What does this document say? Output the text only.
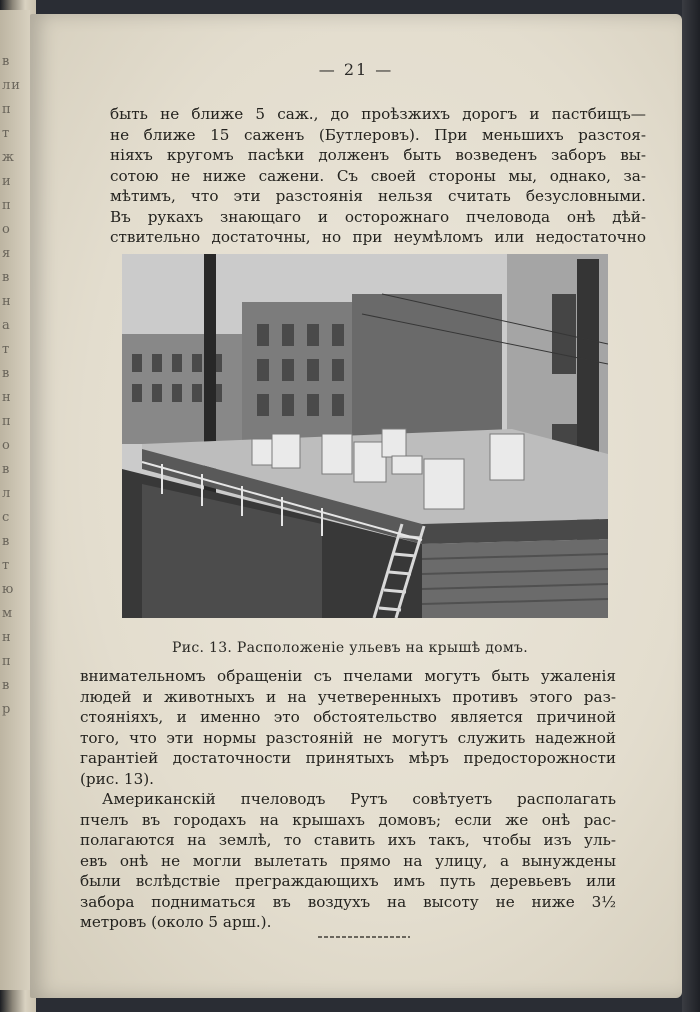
в
ли
п
т
ж
и
п
о
я
в
н
а
т
в
н
п
о
в
л
с
в
т
ю
м
н
п
в
р
— 21 —
быть не ближе 5 саж., до проѣзжихъ дорогъ и пастбищъ—
не ближе 15 саженъ (Бутлеровъ). При меньшихъ разстоя-
ніяхъ кругомъ пасѣки долженъ быть возведенъ заборъ вы-
сотою не ниже сажени. Съ своей стороны мы, однако, за-
мѣтимъ, что эти разстоянія нельзя считать безусловными.
Въ рукахъ знающаго и осторожнаго пчеловода онѣ дѣй-
ствительно достаточны, но при неумѣломъ или недостаточно
Рис. 13. Расположеніе ульевъ на крышѣ домъ.
внимательномъ обращеніи съ пчелами могутъ быть ужаленія
людей и животныхъ и на учетверенныхъ противъ этого раз-
стояніяхъ, и именно это обстоятельство является причиной
того, что эти нормы разстояній не могутъ служить надежной
гарантіей достаточности принятыхъ мѣръ предосторожности
(рис. 13).
Американскій пчеловодъ Рутъ совѣтуетъ располагать
пчелъ въ городахъ на крышахъ домовъ; если же онѣ рас-
полагаются на землѣ, то ставить ихъ такъ, чтобы изъ уль-
евъ онѣ не могли вылетать прямо на улицу, а вынуждены
были вслѣдствіе преграждающихъ имъ путь деревьевъ или
забора подниматься въ воздухъ на высоту не ниже 3½
метровъ (около 5 арш.).
